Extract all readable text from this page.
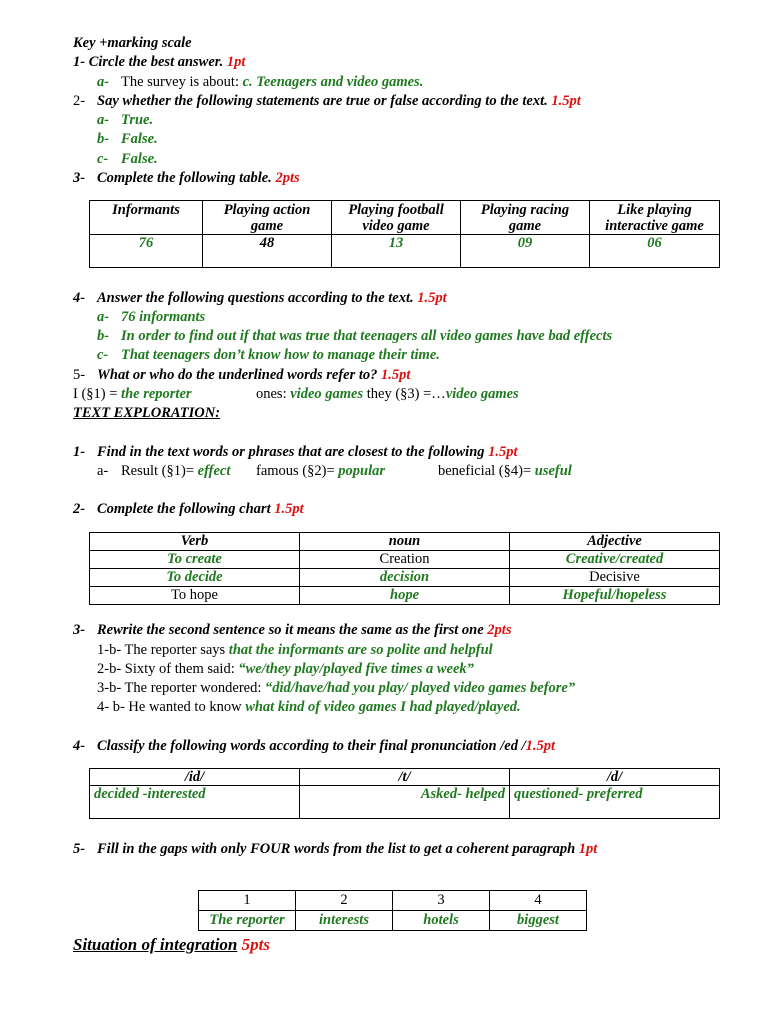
Key +marking scale
1- Circle the best answer. 1pt
a- The survey is about: c. Teenagers and video games.
2- Say whether the following statements are true or false according to the text. 1.5pt
a- True.
b- False.
c- False.
3- Complete the following table. 2pts
Informants	Playing action game	Playing football video game	Playing racing game	Like playing interactive game
76	48	13	09	06
4- Answer the following questions according to the text. 1.5pt
a- 76 informants
b- In order to find out if that was true that teenagers all video games have bad effects
c- That teenagers don’t know how to manage their time.
5- What or who do the underlined words refer to? 1.5pt
I (§1) = the reporter	ones: video games they (§3) =…video games
TEXT EXPLORATION:
1- Find in the text words or phrases that are closest to the following 1.5pt
a- Result (§1)= effect famous (§2)= popular	beneficial (§4)= useful
2- Complete the following chart 1.5pt
Verb	noun	Adjective
To create	Creation	Creative/created
To decide	decision	Decisive
To hope	hope	Hopeful/hopeless
3- Rewrite the second sentence so it means the same as the first one 2pts
1-b- The reporter says that the informants are so polite and helpful
2-b- Sixty of them said: “we/they play/played five times a week”
3-b- The reporter wondered: “did/have/had you play/ played video games before”
4- b- He wanted to know what kind of video games I had played/played.
4- Classify the following words according to their final pronunciation /ed /1.5pt
/id/	/t/	/d/
decided -interested	Asked- helped	questioned- preferred
5- Fill in the gaps with only FOUR words from the list to get a coherent paragraph 1pt
1	2	3	4
The reporter	interests	hotels	biggest
Situation of integration 5pts
